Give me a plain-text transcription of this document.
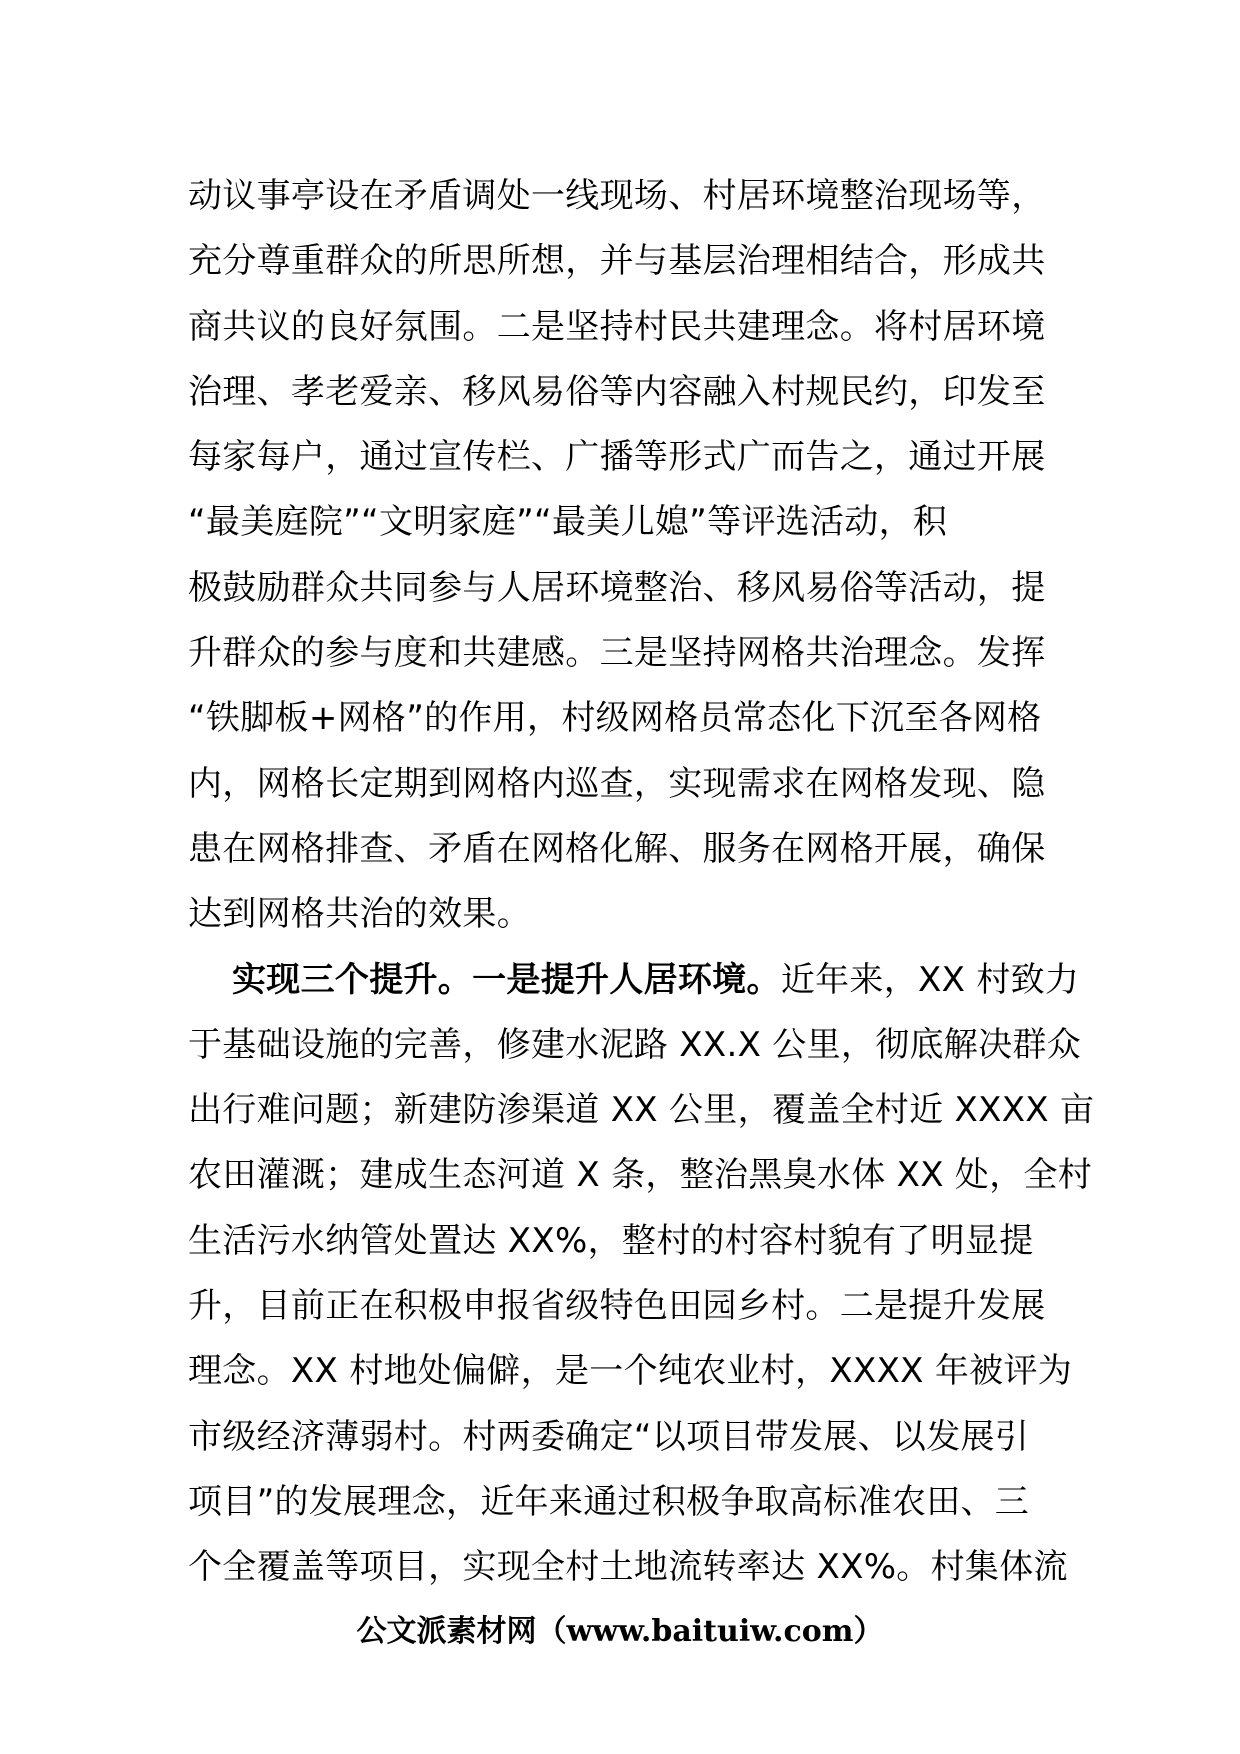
动议事亭设在矛盾调处一线现场、村居环境整治现场等，
充分尊重群众的所思所想，并与基层治理相结合，形成共
商共议的良好氛围。二是坚持村民共建理念。将村居环境
治理、孝老爱亲、移风易俗等内容融入村规民约，印发至
每家每户，通过宣传栏、广播等形式广而告之，通过开展
“最美庭院”“文明家庭”“最美儿媳”等评选活动，积
极鼓励群众共同参与人居环境整治、移风易俗等活动，提
升群众的参与度和共建感。三是坚持网格共治理念。发挥
“铁脚板+网格”的作用，村级网格员常态化下沉至各网格
内，网格长定期到网格内巡查，实现需求在网格发现、隐
患在网格排查、矛盾在网格化解、服务在网格开展，确保
达到网格共治的效果。
实现三个提升。一是提升人居环境。近年来，XX 村致力
于基础设施的完善，修建水泥路 XX.X 公里，彻底解决群众
出行难问题；新建防渗渠道 XX 公里，覆盖全村近 XXXX 亩
农田灌溉；建成生态河道 X 条，整治黑臭水体 XX 处，全村
生活污水纳管处置达 XX%，整村的村容村貌有了明显提
升，目前正在积极申报省级特色田园乡村。二是提升发展
理念。XX 村地处偏僻，是一个纯农业村，XXXX 年被评为
市级经济薄弱村。村两委确定“以项目带发展、以发展引
项目”的发展理念，近年来通过积极争取高标准农田、三
个全覆盖等项目，实现全村土地流转率达 XX%。村集体流
公文派素材网（www.baituiw.com）
